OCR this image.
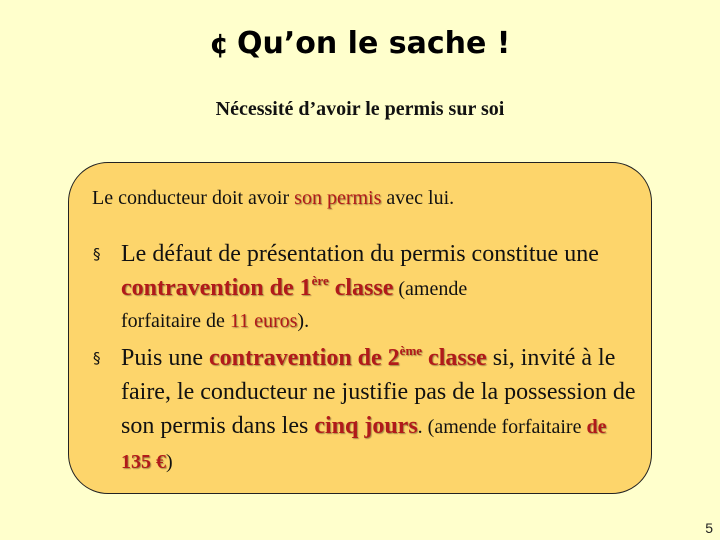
¢ Qu’on le sache !
Nécessité d’avoir le permis sur soi
Le conducteur doit avoir son permis avec lui.
§ Le défaut de présentation du permis constitue une contravention de 1ère classe (amende
forfaitaire de 11 euros).
§ Puis une contravention de 2ème classe si, invité à le faire, le conducteur ne justifie pas de la possession de son permis dans les cinq jours. (amende forfaitaire de 135 €)
5
